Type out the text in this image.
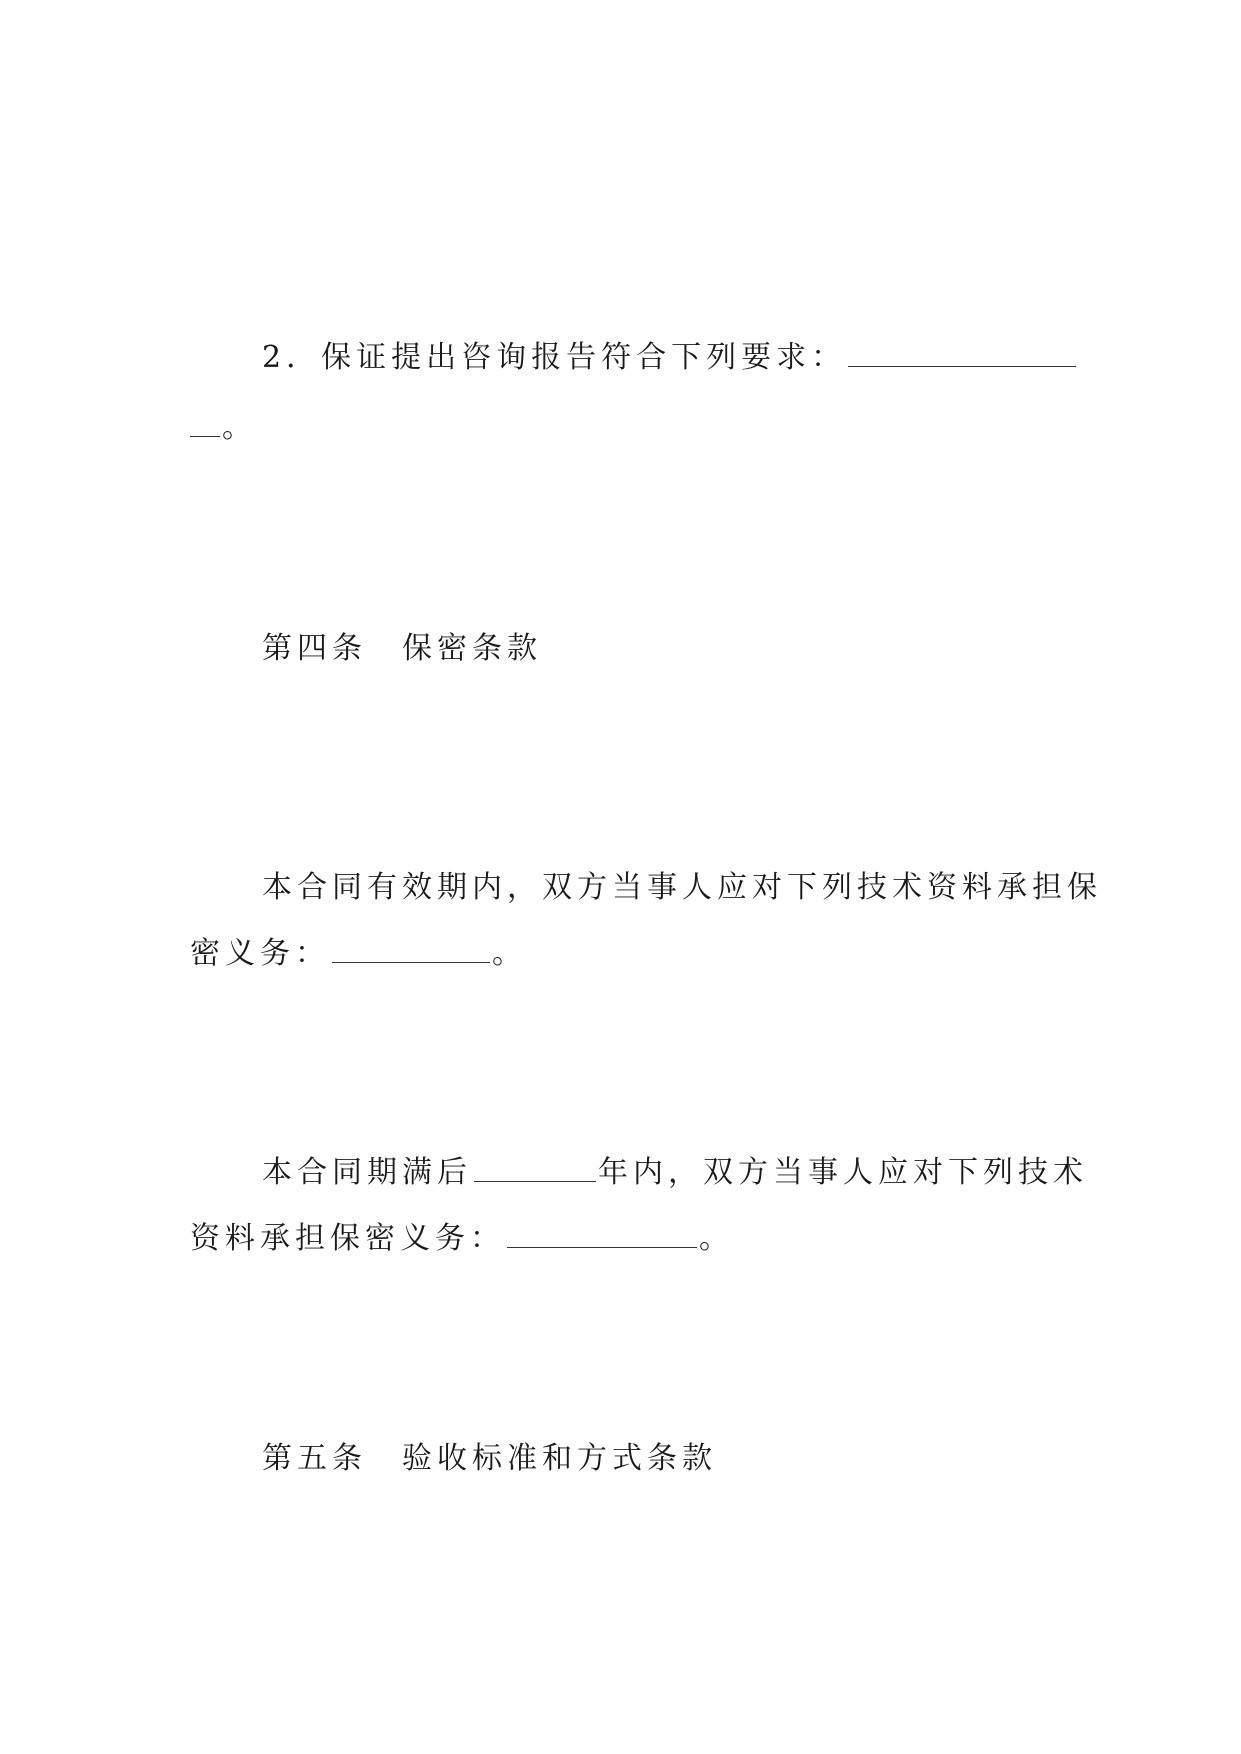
2．保证提出咨询报告符合下列要求：
。
第四条　保密条款
本合同有效期内，双方当事人应对下列技术资料承担保
密义务：	。
本合同期满后	年内，双方当事人应对下列技术
资料承担保密义务：	。
第五条　验收标准和方式条款
